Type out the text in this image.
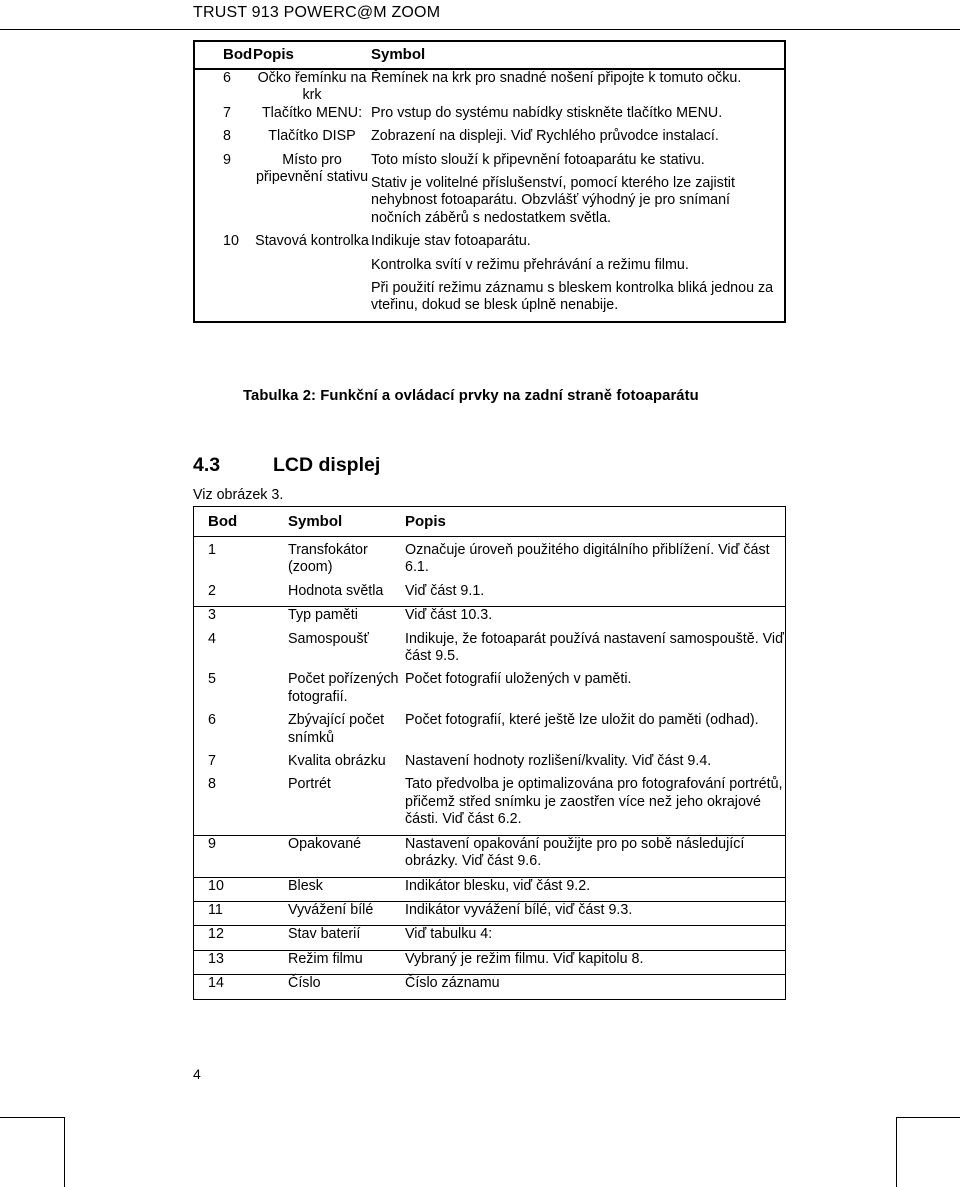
TRUST 913 POWERC@M ZOOM
Bod	Popis	Symbol
6	Očko řemínku na krk	Řemínek na krk pro snadné nošení připojte k tomuto očku.

7	Tlačítko MENU:	Pro vstup do systému nabídky stiskněte tlačítko MENU.

8	Tlačítko DISP	Zobrazení na displeji. Viď Rychlého průvodce instalací.

9	Místo pro připevnění stativu	Toto místo slouží k připevnění fotoaparátu ke stativu.
Stativ je volitelné příslušenství, pomocí kterého lze zajistit nehybnost fotoaparátu. Obzvlášť výhodný je pro snímaní nočních záběrů s nedostatkem světla.

10	Stavová kontrolka	Indikuje stav fotoaparátu.
Kontrolka svítí v režimu přehrávání a režimu filmu.
Při použití režimu záznamu s bleskem kontrolka bliká jednou za vteřinu, dokud se blesk úplně nenabije.
Tabulka 2: Funkční a ovládací prvky na zadní straně fotoaparátu
4.3	LCD displej
Viz obrázek 3.
Bod	Symbol	Popis
1	Transfokátor (zoom)	Označuje úroveň použitého digitálního přiblížení. Viď část 6.1.
2	Hodnota světla	Viď část 9.1.
3	Typ paměti	Viď část 10.3.
4	Samospoušť	Indikuje, že fotoaparát používá nastavení samospouště. Viď část 9.5.
5	Počet pořízených fotografií.	Počet fotografií uložených v paměti.
6	Zbývající počet snímků	Počet fotografií, které ještě lze uložit do paměti (odhad).
7	Kvalita obrázku	Nastavení hodnoty rozlišení/kvality. Viď část 9.4.
8	Portrét	Tato předvolba je optimalizována pro fotografování portrétů, přičemž střed snímku je zaostřen více než jeho okrajové části. Viď část 6.2.
9	Opakované	Nastavení opakování použijte pro po sobě následující obrázky. Viď část 9.6.
10	Blesk	Indikátor blesku, viď část 9.2.
11	Vyvážení bílé	Indikátor vyvážení bílé, viď část 9.3.
12	Stav baterií	Viď tabulku 4:
13	Režim filmu	Vybraný je režim filmu. Viď kapitolu 8.
14	Číslo	Číslo záznamu
4
